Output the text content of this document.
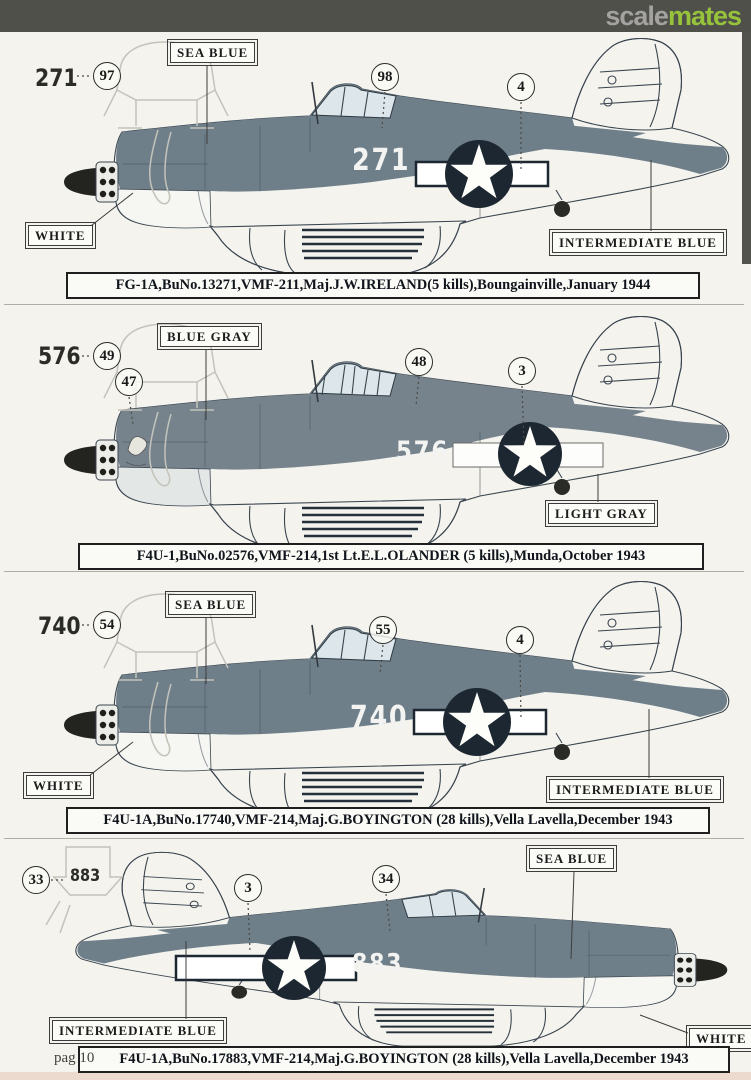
scalemates
271	97
SEA BLUE
98
4
271
WHITE	INTERMEDIATE BLUE
FG-1A,BuNo.13271,VMF-211,Maj.J.W.IRELAND(5 kills),Boungainville,January 1944
576	49
47
BLUE GRAY
48
3
576
LIGHT GRAY
F4U-1,BuNo.02576,VMF-214,1st Lt.E.L.OLANDER (5 kills),Munda,October 1943
740	54
SEA BLUE
55
4
740
WHITE	INTERMEDIATE BLUE
F4U-1A,BuNo.17740,VMF-214,Maj.G.BOYINGTON (28 kills),Vella Lavella,December 1943
33	883
3
34
SEA BLUE
883
INTERMEDIATE BLUE
WHITE
F4U-1A,BuNo.17883,VMF-214,Maj.G.BOYINGTON (28 kills),Vella Lavella,December 1943
pag 10
